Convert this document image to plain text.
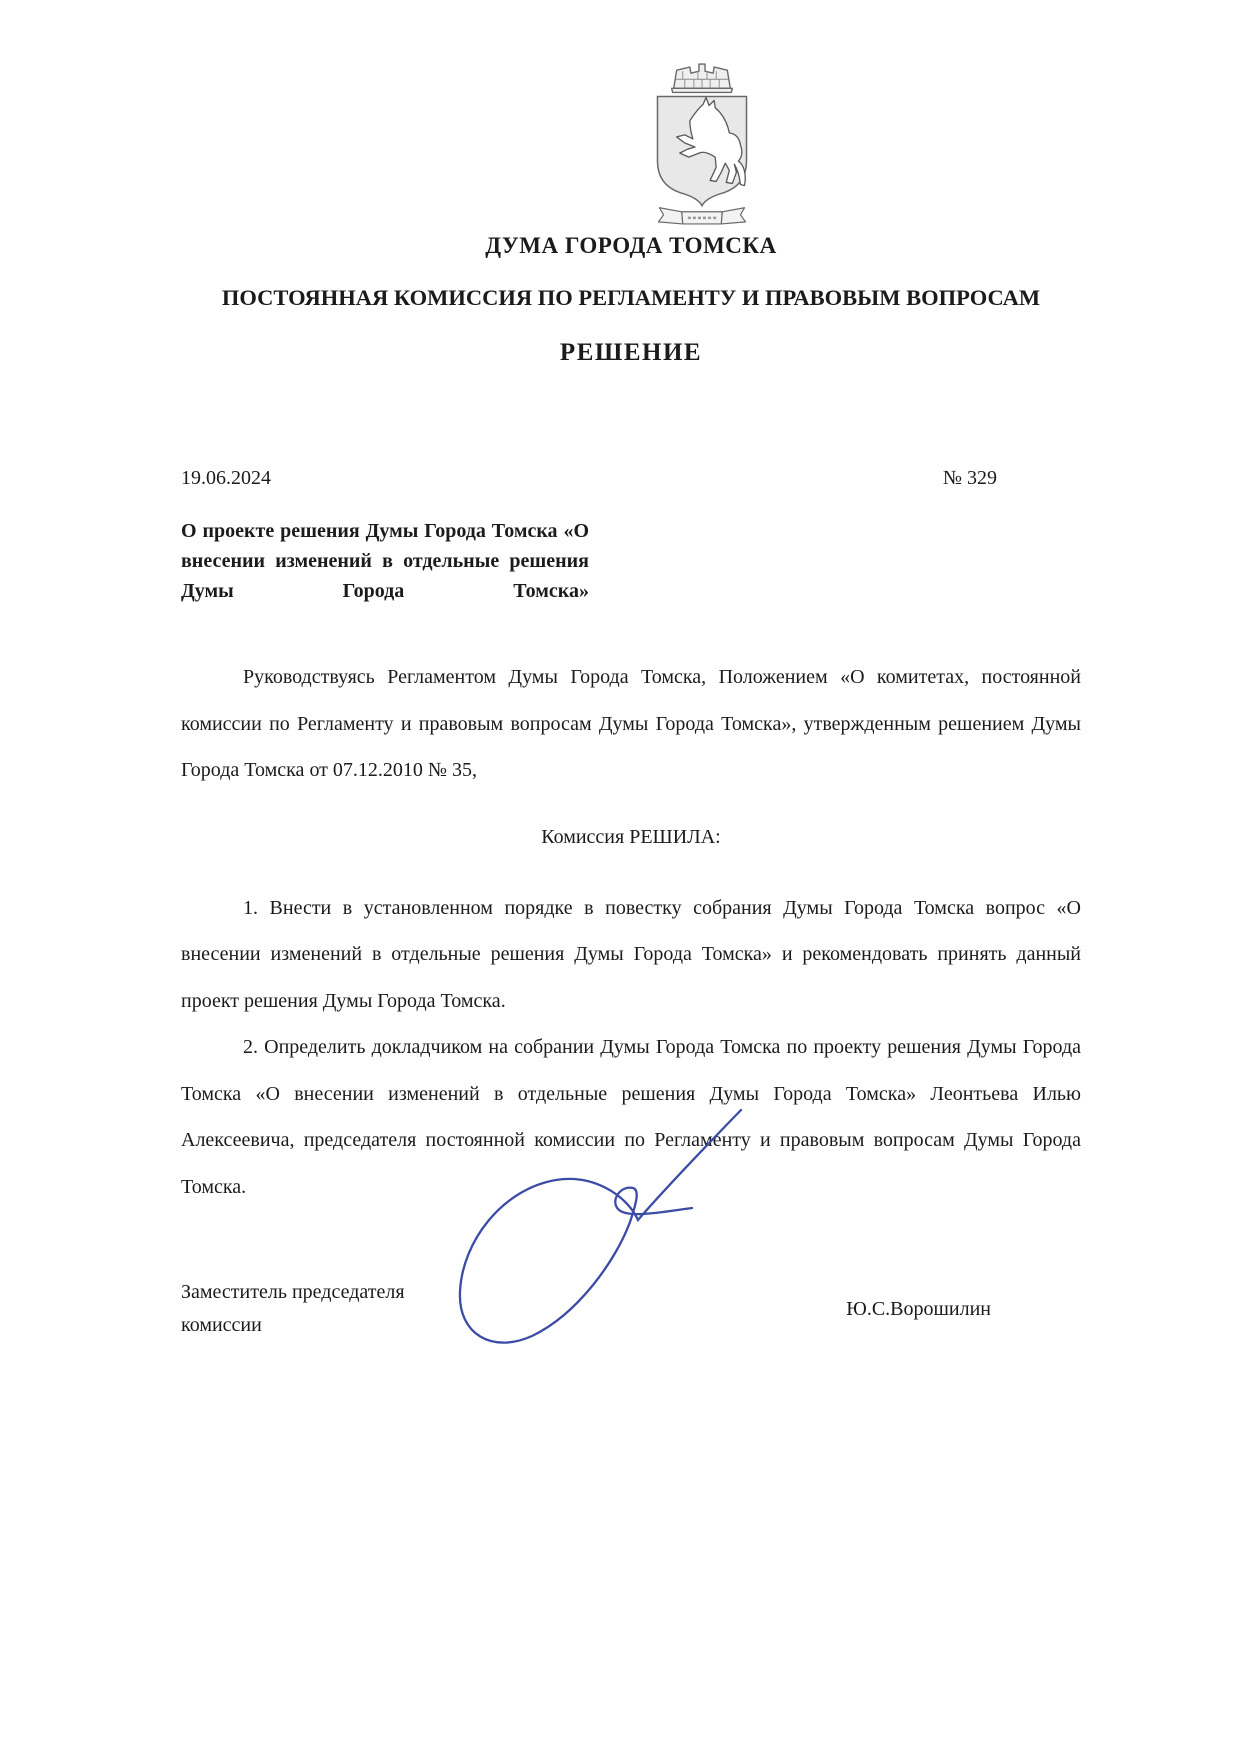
ДУМА ГОРОДА ТОМСКА
ПОСТОЯННАЯ КОМИССИЯ ПО РЕГЛАМЕНТУ И ПРАВОВЫМ ВОПРОСАМ
РЕШЕНИЕ
19.06.2024	№ 329
О проекте решения Думы Города Томска «О внесении изменений в отдельные решения Думы Города Томска»

Руководствуясь Регламентом Думы Города Томска, Положением «О комитетах, постоянной комиссии по Регламенту и правовым вопросам Думы Города Томска», утвержденным решением Думы Города Томска от 07.12.2010 № 35,

Комиссия РЕШИЛА:

1. Внести в установленном порядке в повестку собрания Думы Города Томска вопрос «О внесении изменений в отдельные решения Думы Города Томска» и рекомендовать принять данный проект решения Думы Города Томска.

2. Определить докладчиком на собрании Думы Города Томска по проекту решения Думы Города Томска «О внесении изменений в отдельные решения Думы Города Томска» Леонтьева Илью Алексеевича, председателя постоянной комиссии по Регламенту и правовым вопросам Думы Города Томска.

Заместитель председателя комиссии
Ю.С.Ворошилин
